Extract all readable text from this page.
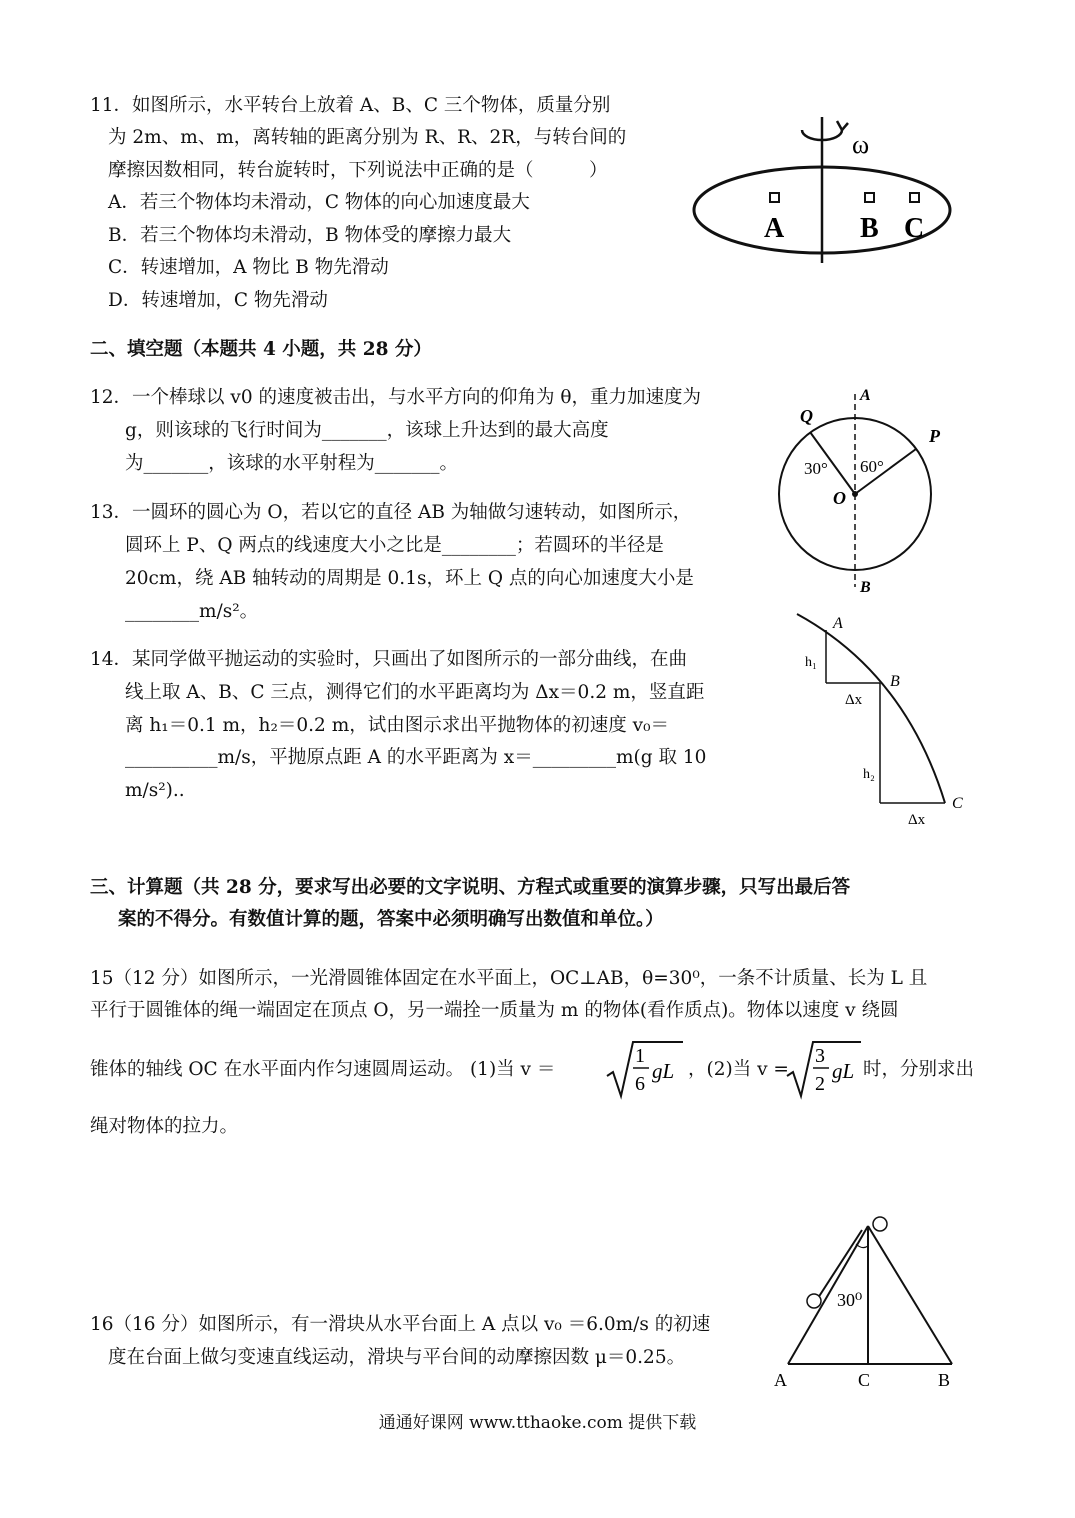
11．如图所示，水平转台上放着 A、B、C 三个物体，质量分别
为 2m、m、m，离转轴的距离分别为 R、R、2R，与转台间的
摩擦因数相同，转台旋转时，下列说法中正确的是（　　　）
A．若三个物体均未滑动，C 物体的向心加速度最大
B．若三个物体均未滑动，B 物体受的摩擦力最大
C．转速增加，A 物比 B 物先滑动
D．转速增加，C 物先滑动
ω
A	B C
二、填空题（本题共 4 小题，共 28 分）
12．一个棒球以 v0 的速度被击出，与水平方向的仰角为 θ，重力加速度为
g，则该球的飞行时间为_______，该球上升达到的最大高度
为_______，该球的水平射程为_______。
13．一圆环的圆心为 O，若以它的直径 AB 为轴做匀速转动，如图所示，
圆环上 P、Q 两点的线速度大小之比是________；若圆环的半径是
20cm，绕 AB 轴转动的周期是 0.1s，环上 Q 点的向心加速度大小是
________m/s²。
A
B
O
P
Q
30° 60°
14．某同学做平抛运动的实验时，只画出了如图所示的一部分曲线，在曲
线上取 A、B、C 三点，测得它们的水平距离均为 Δx＝0.2 m，竖直距
离 h₁＝0.1 m，h₂＝0.2 m，试由图示求出平抛物体的初速度 v₀＝
__________m/s，平抛原点距 A 的水平距离为 x＝_________m(g 取 10
m/s²)..
A
B
C
h₁
h₂
Δx
Δx
三、计算题（共 28 分，要求写出必要的文字说明、方程式或重要的演算步骤，只写出最后答
案的不得分。有数值计算的题，答案中必须明确写出数值和单位。）
15（12 分）如图所示，一光滑圆锥体固定在水平面上，OC⊥AB，θ=30⁰，一条不计质量、长为 L 且
平行于圆锥体的绳一端固定在顶点 O，另一端拴一质量为 m 的物体(看作质点)。物体以速度 v 绕圆
锥体的轴线 OC 在水平面内作匀速圆周运动。 (1)当 v ＝
1
6
gL ，(2)当 v =
3
2
gL 时，分别求出
绳对物体的拉力。
30⁰
A	C	B
16（16 分）如图所示，有一滑块从水平台面上 A 点以 v₀ ＝6.0m/s 的初速
度在台面上做匀变速直线运动，滑块与平台间的动摩擦因数 μ＝0.25。
通通好课网 www.tthaoke.com 提供下载
